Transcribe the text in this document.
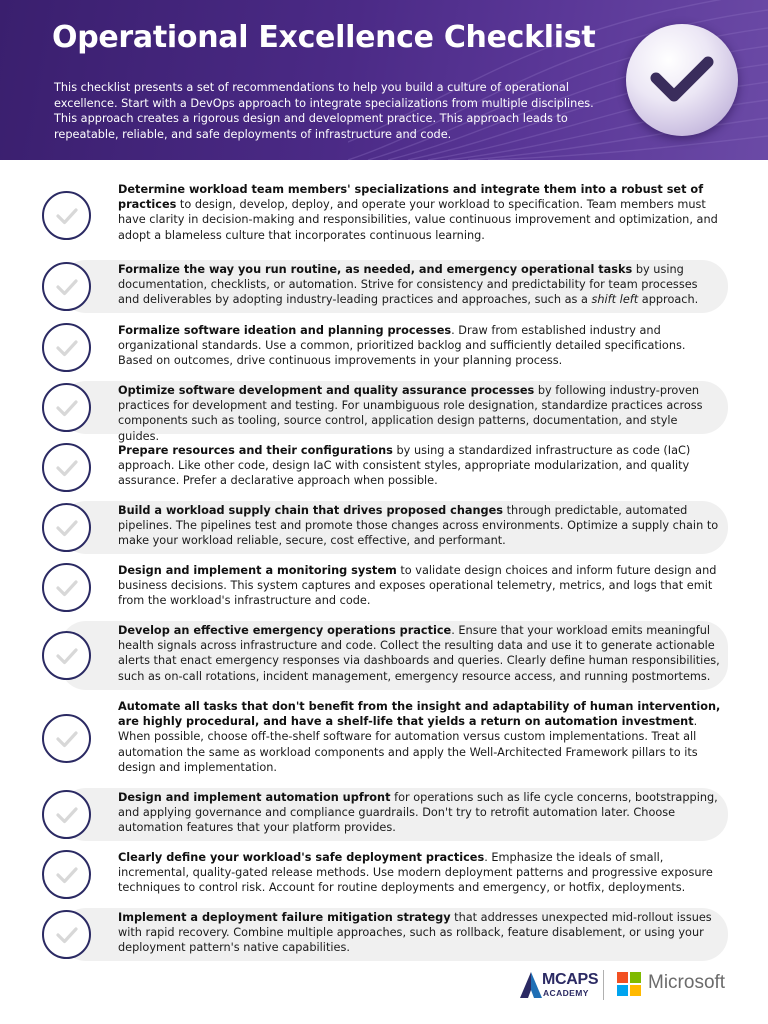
Operational Excellence Checklist
This checklist presents a set of recommendations to help you build a culture of operational excellence. Start with a DevOps approach to integrate specializations from multiple disciplines. This approach creates a rigorous design and development practice. This approach leads to repeatable, reliable, and safe deployments of infrastructure and code.
Determine workload team members' specializations and integrate them into a robust set of practices to design, develop, deploy, and operate your workload to specification. Team members must have clarity in decision-making and responsibilities, value continuous improvement and optimization, and adopt a blameless culture that incorporates continuous learning.
Formalize the way you run routine, as needed, and emergency operational tasks by using documentation, checklists, or automation. Strive for consistency and predictability for team processes and deliverables by adopting industry-leading practices and approaches, such as a shift left approach.
Formalize software ideation and planning processes. Draw from established industry and organizational standards. Use a common, prioritized backlog and sufficiently detailed specifications. Based on outcomes, drive continuous improvements in your planning process.
Optimize software development and quality assurance processes by following industry-proven practices for development and testing. For unambiguous role designation, standardize practices across components such as tooling, source control, application design patterns, documentation, and style guides.
Prepare resources and their configurations by using a standardized infrastructure as code (IaC) approach. Like other code, design IaC with consistent styles, appropriate modularization, and quality assurance. Prefer a declarative approach when possible.
Build a workload supply chain that drives proposed changes through predictable, automated pipelines. The pipelines test and promote those changes across environments. Optimize a supply chain to make your workload reliable, secure, cost effective, and performant.
Design and implement a monitoring system to validate design choices and inform future design and business decisions. This system captures and exposes operational telemetry, metrics, and logs that emit from the workload's infrastructure and code.
Develop an effective emergency operations practice. Ensure that your workload emits meaningful health signals across infrastructure and code. Collect the resulting data and use it to generate actionable alerts that enact emergency responses via dashboards and queries. Clearly define human responsibilities, such as on-call rotations, incident management, emergency resource access, and running postmortems.
Automate all tasks that don't benefit from the insight and adaptability of human intervention, are highly procedural, and have a shelf-life that yields a return on automation investment. When possible, choose off-the-shelf software for automation versus custom implementations. Treat all automation the same as workload components and apply the Well-Architected Framework pillars to its design and implementation.
Design and implement automation upfront for operations such as life cycle concerns, bootstrapping, and applying governance and compliance guardrails. Don't try to retrofit automation later. Choose automation features that your platform provides.
Clearly define your workload's safe deployment practices. Emphasize the ideals of small, incremental, quality-gated release methods. Use modern deployment patterns and progressive exposure techniques to control risk. Account for routine deployments and emergency, or hotfix, deployments.
Implement a deployment failure mitigation strategy that addresses unexpected mid-rollout issues with rapid recovery. Combine multiple approaches, such as rollback, feature disablement, or using your deployment pattern's native capabilities.
MCAPS
ACADEMY	Microsoft
